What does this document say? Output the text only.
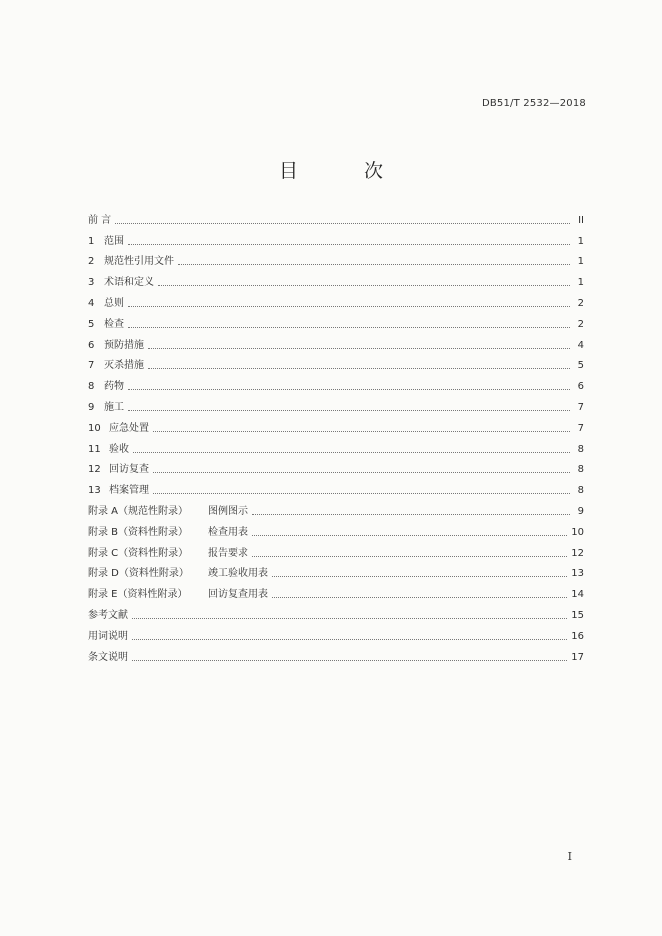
DB51/T 2532—2018
目 次
前 言	II
1 范围	1
2 规范性引用文件	1
3 术语和定义	1
4 总则	2
5 检查	2
6 预防措施	4
7 灭杀措施	5
8 药物	6
9 施工	7
10 应急处置	7
11 验收	8
12 回访复查	8
13 档案管理	8
附录 A（规范性附录）	图例图示	9
附录 B（资料性附录）	检查用表	10
附录 C（资料性附录）	报告要求	12
附录 D（资料性附录）	竣工验收用表	13
附录 E（资料性附录）	回访复查用表	14
参考文献	15
用词说明	16
条文说明	17
I
